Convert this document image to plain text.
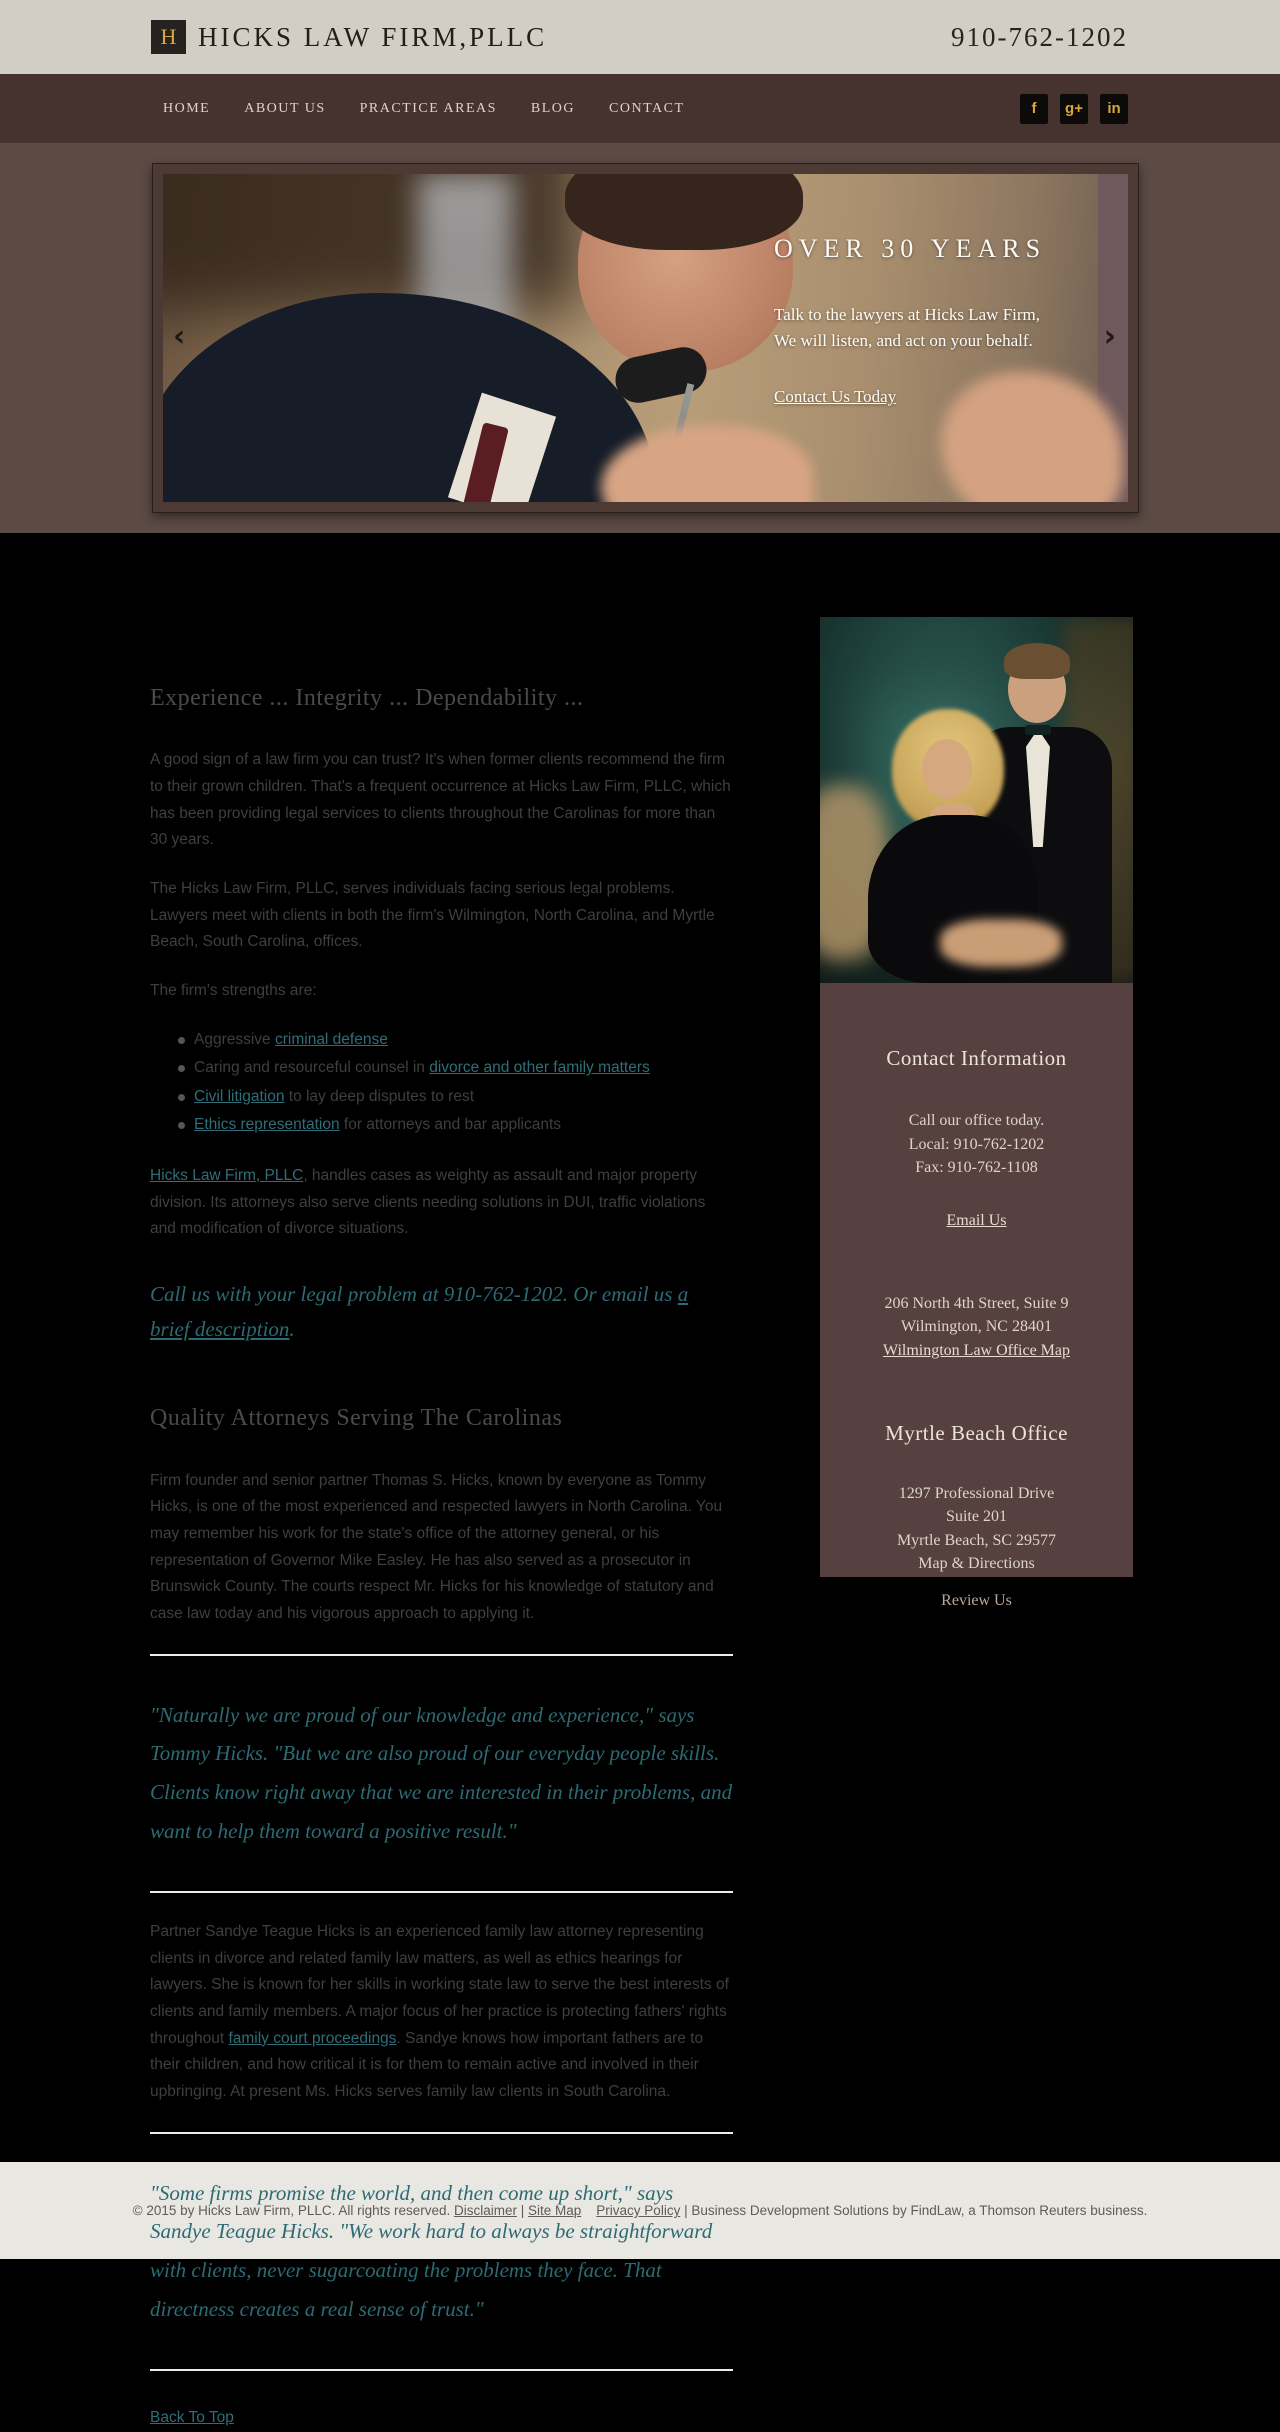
H HICKS LAW FIRM,PLLC	910-762-1202
HOME	ABOUT US	PRACTICE AREAS	BLOG	CONTACT	f	g+	in
‹	›
OVER 30 YEARS
Talk to the lawyers at Hicks Law Firm, We will listen, and act on your behalf.
Contact Us Today
Experience ... Integrity ... Dependability ...

A good sign of a law firm you can trust? It's when former clients recommend the firm to their grown children. That's a frequent occurrence at Hicks Law Firm, PLLC, which has been providing legal services to clients throughout the Carolinas for more than 30 years.

The Hicks Law Firm, PLLC, serves individuals facing serious legal problems. Lawyers meet with clients in both the firm's Wilmington, North Carolina, and Myrtle Beach, South Carolina, offices.

The firm's strengths are:

Aggressive criminal defense
Caring and resourceful counsel in divorce and other family matters
Civil litigation to lay deep disputes to rest
Ethics representation for attorneys and bar applicants

Hicks Law Firm, PLLC, handles cases as weighty as assault and major property division. Its attorneys also serve clients needing solutions in DUI, traffic violations and modification of divorce situations.

Call us with your legal problem at 910-762-1202. Or email us a brief description.

Quality Attorneys Serving The Carolinas

Firm founder and senior partner Thomas S. Hicks, known by everyone as Tommy Hicks, is one of the most experienced and respected lawyers in North Carolina. You may remember his work for the state's office of the attorney general, or his representation of Governor Mike Easley. He has also served as a prosecutor in Brunswick County. The courts respect Mr. Hicks for his knowledge of statutory and case law today and his vigorous approach to applying it.

"Naturally we are proud of our knowledge and experience," says Tommy Hicks. "But we are also proud of our everyday people skills. Clients know right away that we are interested in their problems, and want to help them toward a positive result."

Partner Sandye Teague Hicks is an experienced family law attorney representing clients in divorce and related family law matters, as well as ethics hearings for lawyers. She is known for her skills in working state law to serve the best interests of clients and family members. A major focus of her practice is protecting fathers' rights throughout family court proceedings. Sandye knows how important fathers are to their children, and how critical it is for them to remain active and involved in their upbringing. At present Ms. Hicks serves family law clients in South Carolina.

"Some firms promise the world, and then come up short," says Sandye Teague Hicks. "We work hard to always be straightforward with clients, never sugarcoating the problems they face. That directness creates a real sense of trust."
Back To Top
Contact Information
Call our office today.
Local: 910-762-1202
Fax: 910-762-1108
Email Us
206 North 4th Street, Suite 9
Wilmington, NC 28401
Wilmington Law Office Map
Myrtle Beach Office
1297 Professional Drive
Suite 201
Myrtle Beach, SC 29577
Map & Directions
Review Us
© 2015 by Hicks Law Firm, PLLC. All rights reserved. Disclaimer | Site Map Privacy Policy | Business Development Solutions by FindLaw, a Thomson Reuters business.
